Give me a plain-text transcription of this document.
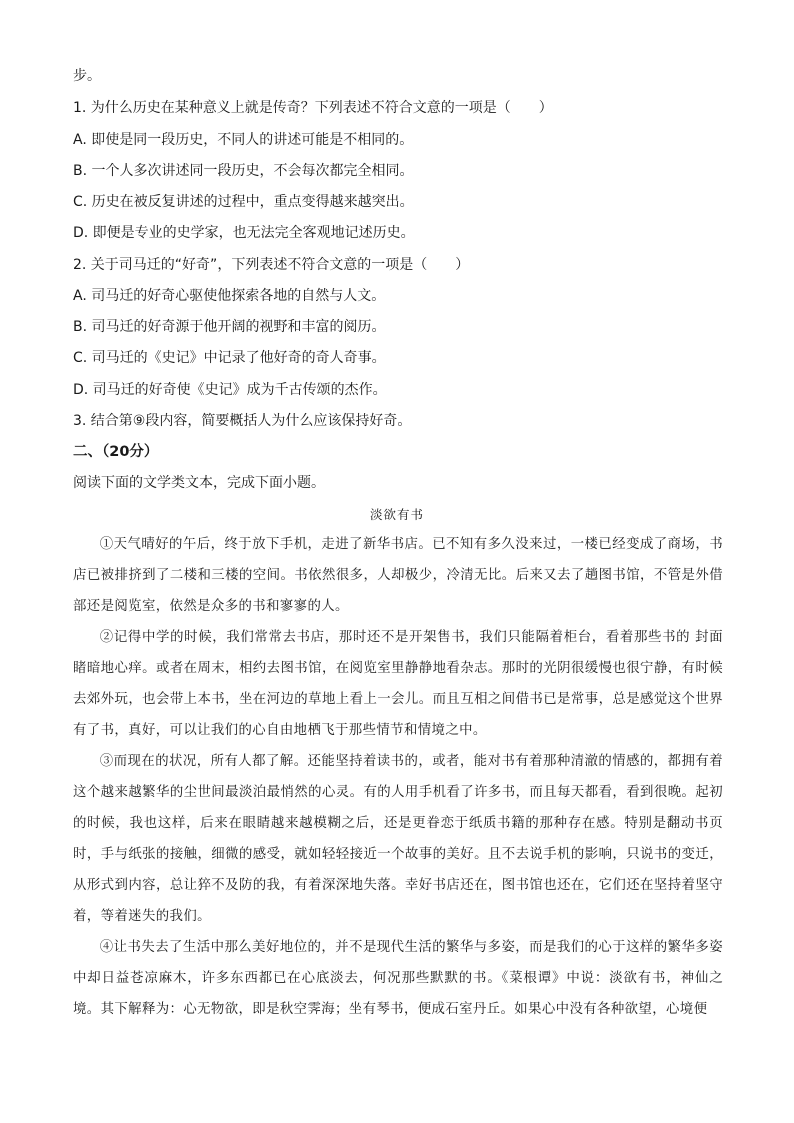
步。
1. 为什么历史在某种意义上就是传奇？下列表述不符合文意的一项是（　　）
A. 即使是同一段历史，不同人的讲述可能是不相同的。
B. 一个人多次讲述同一段历史，不会每次都完全相同。
C. 历史在被反复讲述的过程中，重点变得越来越突出。
D. 即便是专业的史学家，也无法完全客观地记述历史。
2. 关于司马迁的“好奇”，下列表述不符合文意的一项是（　　）
A. 司马迁的好奇心驱使他探索各地的自然与人文。
B. 司马迁的好奇源于他开阔的视野和丰富的阅历。
C. 司马迁的《史记》中记录了他好奇的奇人奇事。
D. 司马迁的好奇使《史记》成为千古传颂的杰作。
3. 结合第⑨段内容，简要概括人为什么应该保持好奇。
二、（20分）
阅读下面的文学类文本，完成下面小题。
淡欲有书

①天气晴好的午后，终于放下手机，走进了新华书店。已不知有多久没来过，一楼已经变成了商场，书店已被排挤到了二楼和三楼的空间。书依然很多，人却极少，冷清无比。后来又去了趟图书馆，不管是外借部还是阅览室，依然是众多的书和寥寥的人。

②记得中学的时候，我们常常去书店，那时还不是开架售书，我们只能隔着柜台，看着那些书的 封面睹暗地心痒。或者在周末，相约去图书馆，在阅览室里静静地看杂志。那时的光阴很缓慢也很宁静，有时候去郊外玩，也会带上本书，坐在河边的草地上看上一会儿。而且互相之间借书已是常事，总是感觉这个世界有了书，真好，可以让我们的心自由地栖飞于那些情节和情境之中。

③而现在的状况，所有人都了解。还能坚持着读书的，或者，能对书有着那种清澈的情感的，都拥有着这个越来越繁华的尘世间最淡泊最悄然的心灵。有的人用手机看了许多书，而且每天都看，看到很晚。起初的时候，我也这样，后来在眼睛越来越模糊之后，还是更眷恋于纸质书籍的那种存在感。特别是翻动书页时，手与纸张的接触，细微的感受，就如轻轻接近一个故事的美好。且不去说手机的影响，只说书的变迁，从形式到内容，总让猝不及防的我，有着深深地失落。幸好书店还在，图书馆也还在，它们还在坚持着坚守着，等着迷失的我们。

④让书失去了生活中那么美好地位的，并不是现代生活的繁华与多姿，而是我们的心于这样的繁华多姿中却日益苍凉麻木，许多东西都已在心底淡去，何况那些默默的书。《菜根谭》中说：淡欲有书，神仙之境。其下解释为：心无物欲，即是秋空霁海；坐有琴书，便成石室丹丘。如果心中没有各种欲望，心境便
